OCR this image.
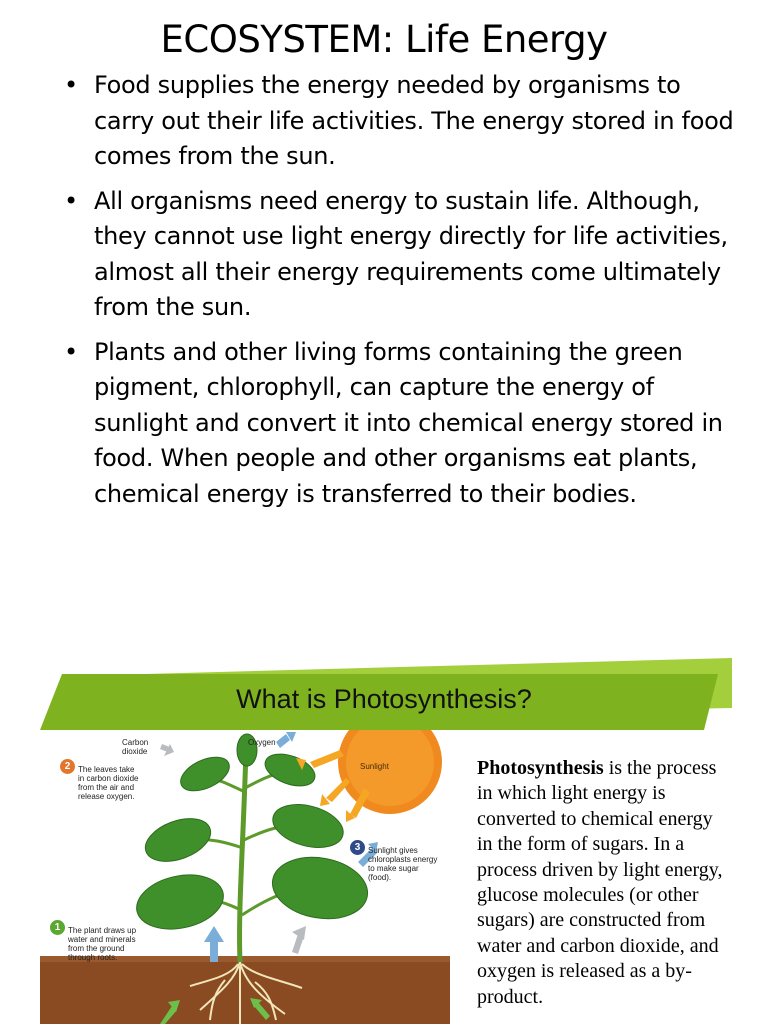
ECOSYSTEM: Life Energy
• Food supplies the energy needed by organisms to carry out their life activities. The energy stored in food comes from the sun.
• All organisms need energy to sustain life. Although, they cannot use light energy directly for life activities, almost all their energy requirements come ultimately from the sun.
• Plants and other living forms containing the green pigment, chlorophyll, can capture the energy of sunlight and convert it into chemical energy stored in food. When people and other organisms eat plants, chemical energy is transferred to their bodies.
What is Photosynthesis?
Carbon dioxide
Oxygen
Sunlight
2 The leaves take in carbon dioxide from the air and release oxygen.
3 Sunlight gives chloroplasts energy to make sugar (food).
1 The plant draws up water and minerals from the ground through roots.
Photosynthesis is the process in which light energy is converted to chemical energy in the form of sugars. In a process driven by light energy, glucose molecules (or other sugars) are constructed from water and carbon dioxide, and oxygen is released as a by-product.
